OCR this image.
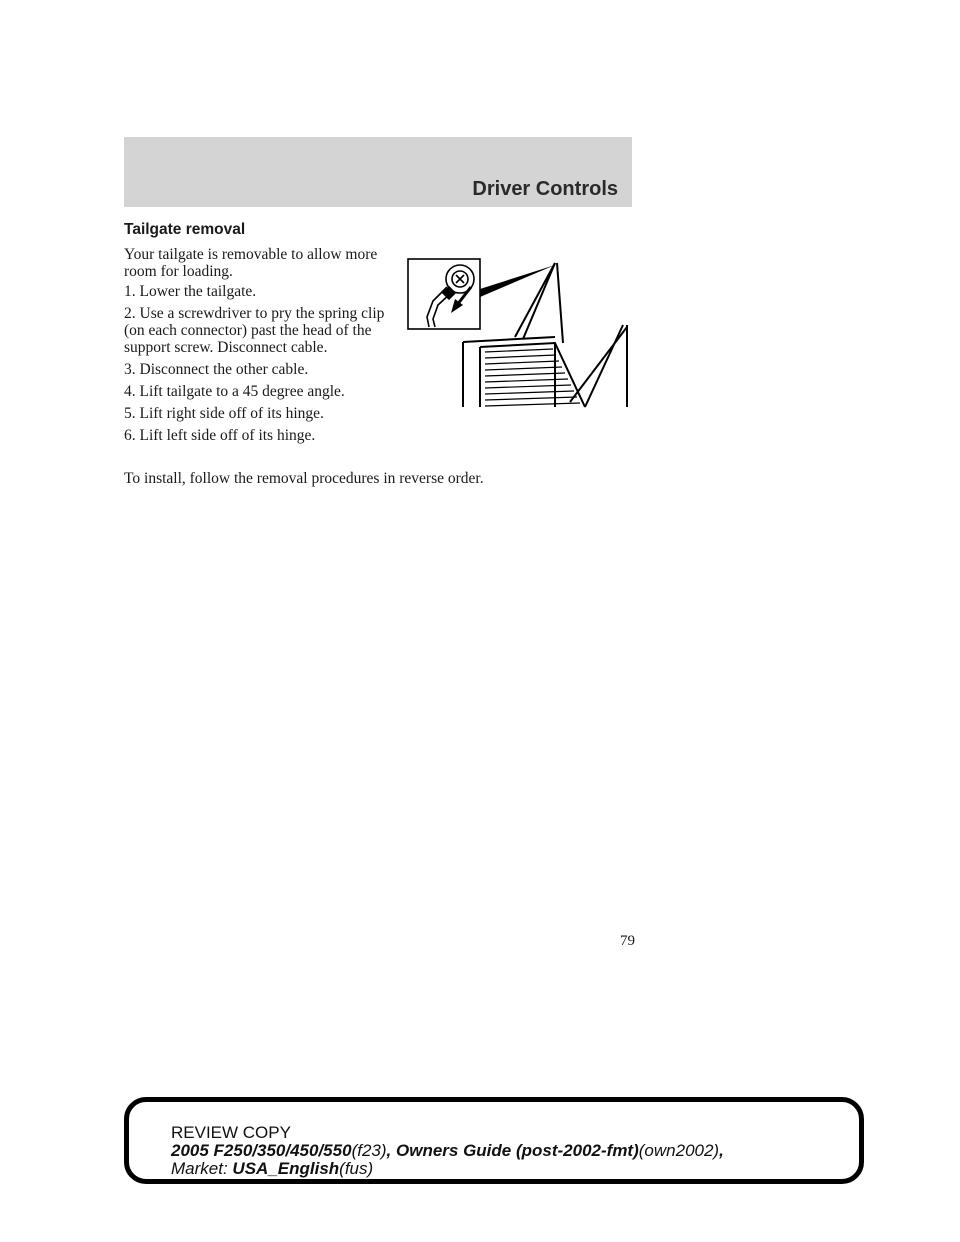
Driver Controls
Tailgate removal

Your tailgate is removable to allow more room for loading.

1. Lower the tailgate.
2. Use a screwdriver to pry the spring clip (on each connector) past the head of the support screw. Disconnect cable.
3. Disconnect the other cable.
4. Lift tailgate to a 45 degree angle.
5. Lift right side off of its hinge.
6. Lift left side off of its hinge.

To install, follow the removal procedures in reverse order.

79
REVIEW COPY
2005 F250/350/450/550(f23), Owners Guide (post-2002-fmt)(own2002),
Market: USA_English(fus)
